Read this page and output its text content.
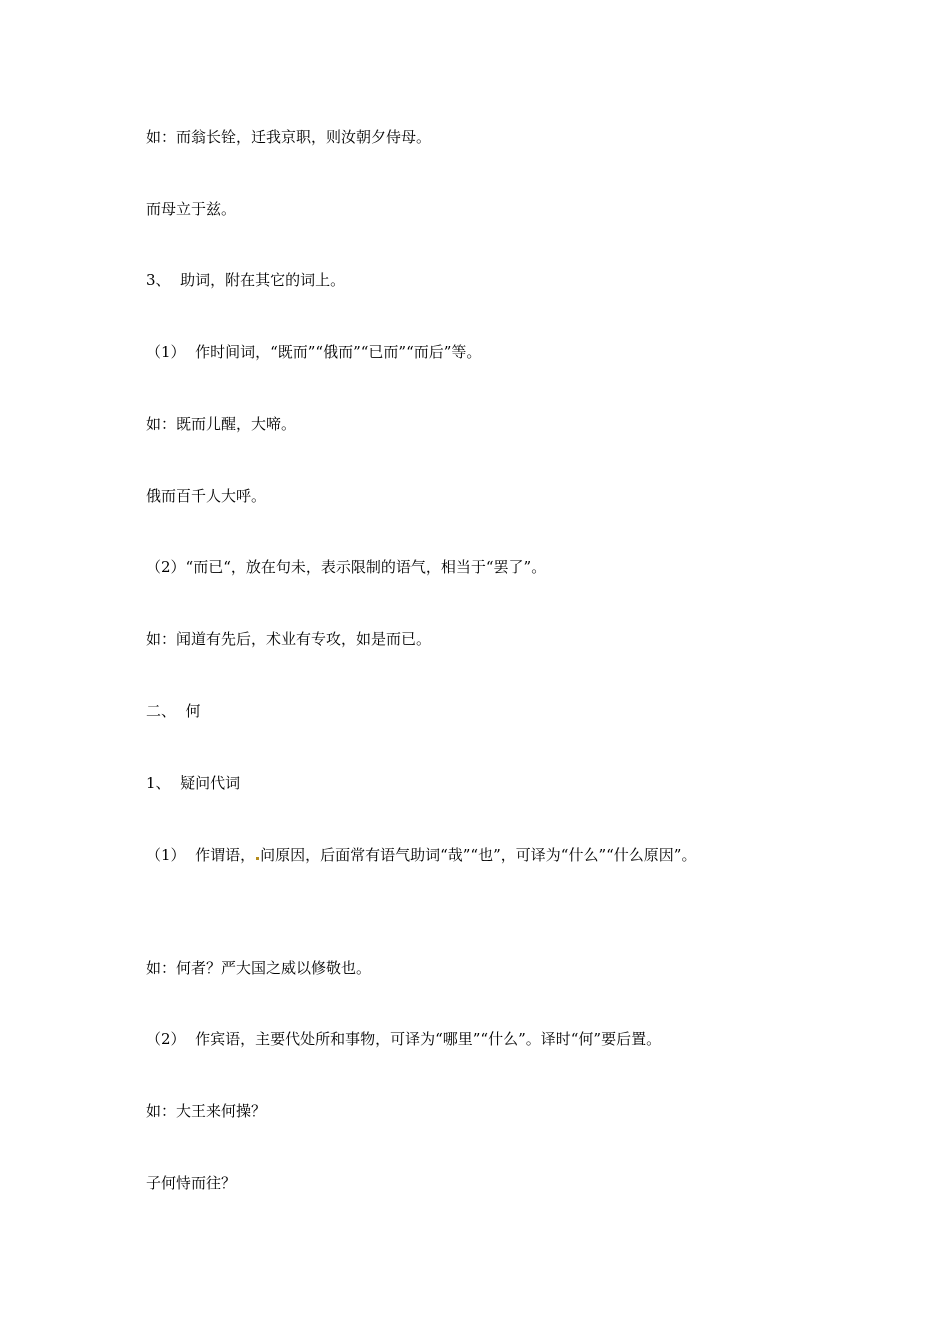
如：而翁长铨，迁我京职，则汝朝夕侍母。

而母立于兹。

3、  助词，附在其它的词上。

（1）  作时间词，“既而”“俄而”“已而”“而后”等。

如：既而儿醒，大啼。

俄而百千人大呼。

（2）“而已“，放在句未，表示限制的语气，相当于“罢了”。

如：闻道有先后，术业有专攻，如是而已。

二、  何

1、  疑问代词

（1）  作谓语， 问原因，后面常有语气助词“哉”“也”，可译为“什么”“什么原因”。

如：何者？严大国之威以修敬也。

（2）  作宾语，主要代处所和事物，可译为“哪里”“什么”。译时“何”要后置。

如：大王来何操？

子何恃而往？
